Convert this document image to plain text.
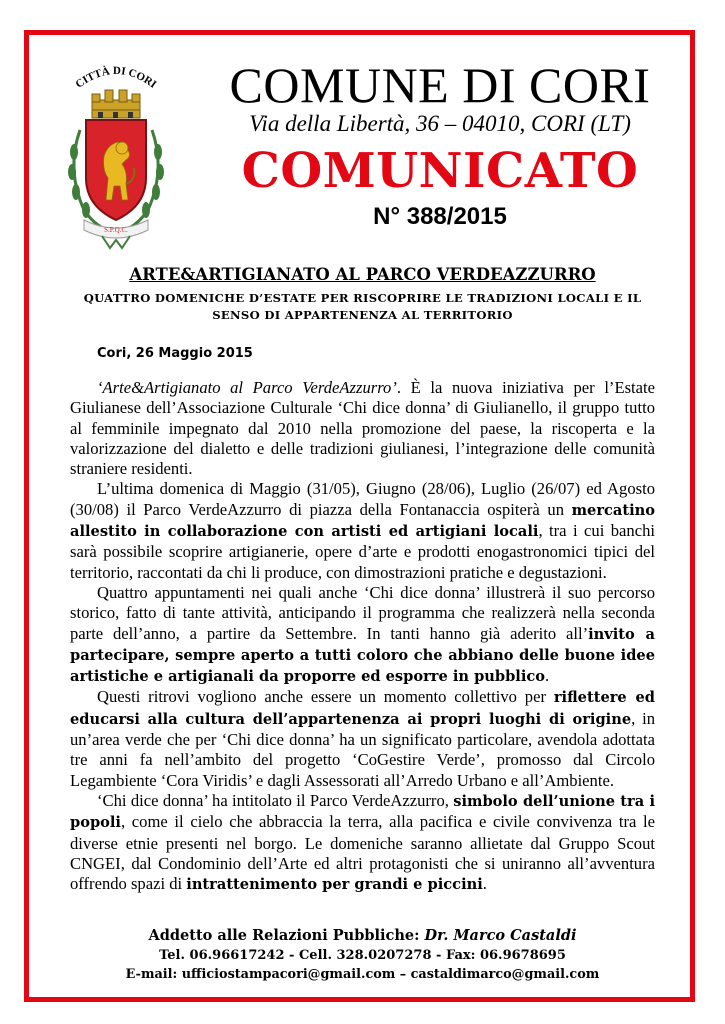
CITTÀ DI CORI
S.P.Q.C.
COMUNE DI CORI
Via della Libertà, 36 – 04010, CORI (LT)
COMUNICATO
N° 388/2015
ARTE&ARTIGIANATO AL PARCO VERDEAZZURRO
QUATTRO DOMENICHE D’ESTATE PER RISCOPRIRE LE TRADIZIONI LOCALI E IL SENSO DI APPARTENENZA AL TERRITORIO
Cori, 26 Maggio 2015

‘Arte&Artigianato al Parco VerdeAzzurro’. È la nuova iniziativa per l’Estate Giulianese dell’Associazione Culturale ‘Chi dice donna’ di Giulianello, il gruppo tutto al femminile impegnato dal 2010 nella promozione del paese, la riscoperta e la valorizzazione del dialetto e delle tradizioni giulianesi, l’integrazione delle comunità straniere residenti.

L’ultima domenica di Maggio (31/05), Giugno (28/06), Luglio (26/07) ed Agosto (30/08) il Parco VerdeAzzurro di piazza della Fontanaccia ospiterà un mercatino allestito in collaborazione con artisti ed artigiani locali, tra i cui banchi sarà possibile scoprire artigianerie, opere d’arte e prodotti enogastronomici tipici del territorio, raccontati da chi li produce, con dimostrazioni pratiche e degustazioni.

Quattro appuntamenti nei quali anche ‘Chi dice donna’ illustrerà il suo percorso storico, fatto di tante attività, anticipando il programma che realizzerà nella seconda parte dell’anno, a partire da Settembre. In tanti hanno già aderito all’invito a partecipare, sempre aperto a tutti coloro che abbiano delle buone idee artistiche e artigianali da proporre ed esporre in pubblico.

Questi ritrovi vogliono anche essere un momento collettivo per riflettere ed educarsi alla cultura dell’appartenenza ai propri luoghi di origine, in un’area verde che per ‘Chi dice donna’ ha un significato particolare, avendola adottata tre anni fa nell’ambito del progetto ‘CoGestire Verde’, promosso dal Circolo Legambiente ‘Cora Viridis’ e dagli Assessorati all’Arredo Urbano e all’Ambiente.

‘Chi dice donna’ ha intitolato il Parco VerdeAzzurro, simbolo dell’unione tra i popoli, come il cielo che abbraccia la terra, alla pacifica e civile convivenza tra le diverse etnie presenti nel borgo. Le domeniche saranno allietate dal Gruppo Scout CNGEI, dal Condominio dell’Arte ed altri protagonisti che si uniranno all’avventura offrendo spazi di intrattenimento per grandi e piccini.

Addetto alle Relazioni Pubbliche: Dr. Marco Castaldi
Tel. 06.96617242 - Cell. 328.0207278 - Fax: 06.9678695
E-mail: ufficiostampacori@gmail.com – castaldimarco@gmail.com
